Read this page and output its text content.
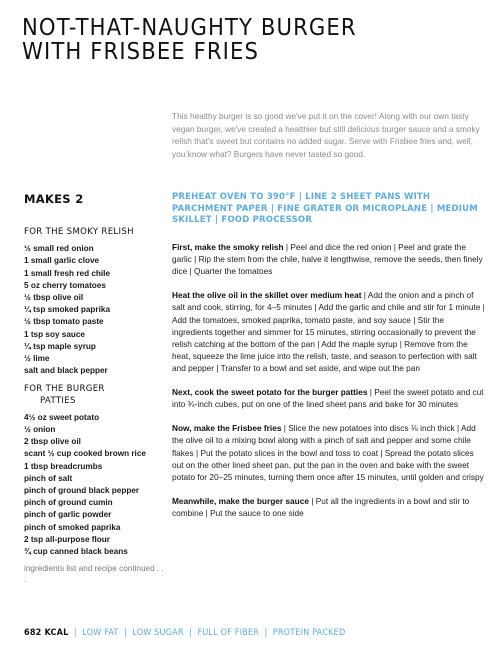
NOT-THAT-NAUGHTY BURGER
WITH FRISBEE FRIES

This healthy burger is so good we've put it on the cover! Along with our own tasty vegan burger, we've created a healthier but still delicious burger sauce and a smoky relish that's sweet but contains no added sugar. Serve with Frisbee fries and, well, you know what? Burgers have never tasted so good.

MAKES 2	PREHEAT OVEN TO 390°F | LINE 2 SHEET PANS WITH PARCHMENT PAPER | FINE GRATER OR MICROPLANE | MEDIUM SKILLET | FOOD PROCESSOR
FOR THE SMOKY RELISH
½ small red onion
1 small garlic clove
1 small fresh red chile
5 oz cherry tomatoes
½ tbsp olive oil
¼ tsp smoked paprika
½ tbsp tomato paste
1 tsp soy sauce
¼ tsp maple syrup
½ lime
salt and black pepper
FOR THE BURGER
PATTIES
4½ oz sweet potato
½ onion
2 tbsp olive oil
scant ½ cup cooked brown rice
1 tbsp breadcrumbs
pinch of salt
pinch of ground black pepper
pinch of ground cumin
pinch of garlic powder
pinch of smoked paprika
2 tsp all-purpose flour
¾ cup canned black beans

ingredients list and recipe continued . . .

First, make the smoky relish | Peel and dice the red onion | Peel and grate the garlic | Rip the stem from the chile, halve it lengthwise, remove the seeds, then finely dice | Quarter the tomatoes

Heat the olive oil in the skillet over medium heat | Add the onion and a pinch of salt and cook, stirring, for 4–5 minutes | Add the garlic and chile and stir for 1 minute | Add the tomatoes, smoked paprika, tomato paste, and soy sauce | Stir the ingredients together and simmer for 15 minutes, stirring occasionally to prevent the relish catching at the bottom of the pan | Add the maple syrup | Remove from the heat, squeeze the lime juice into the relish, taste, and season to perfection with salt and pepper | Transfer to a bowl and set aside, and wipe out the pan

Next, cook the sweet potato for the burger patties | Peel the sweet potato and cut into ¾-inch cubes, put on one of the lined sheet pans and bake for 30 minutes

Now, make the Frisbee fries | Slice the new potatoes into discs ⅛ inch thick | Add the olive oil to a mixing bowl along with a pinch of salt and pepper and some chile flakes | Put the potato slices in the bowl and toss to coat | Spread the potato slices out on the other lined sheet pan, put the pan in the oven and bake with the sweet potato for 20–25 minutes, turning them once after 15 minutes, until golden and crispy

Meanwhile, make the burger sauce | Put all the ingredients in a bowl and stir to combine | Put the sauce to one side

682 KCAL | LOW FAT | LOW SUGAR | FULL OF FIBER | PROTEIN PACKED
